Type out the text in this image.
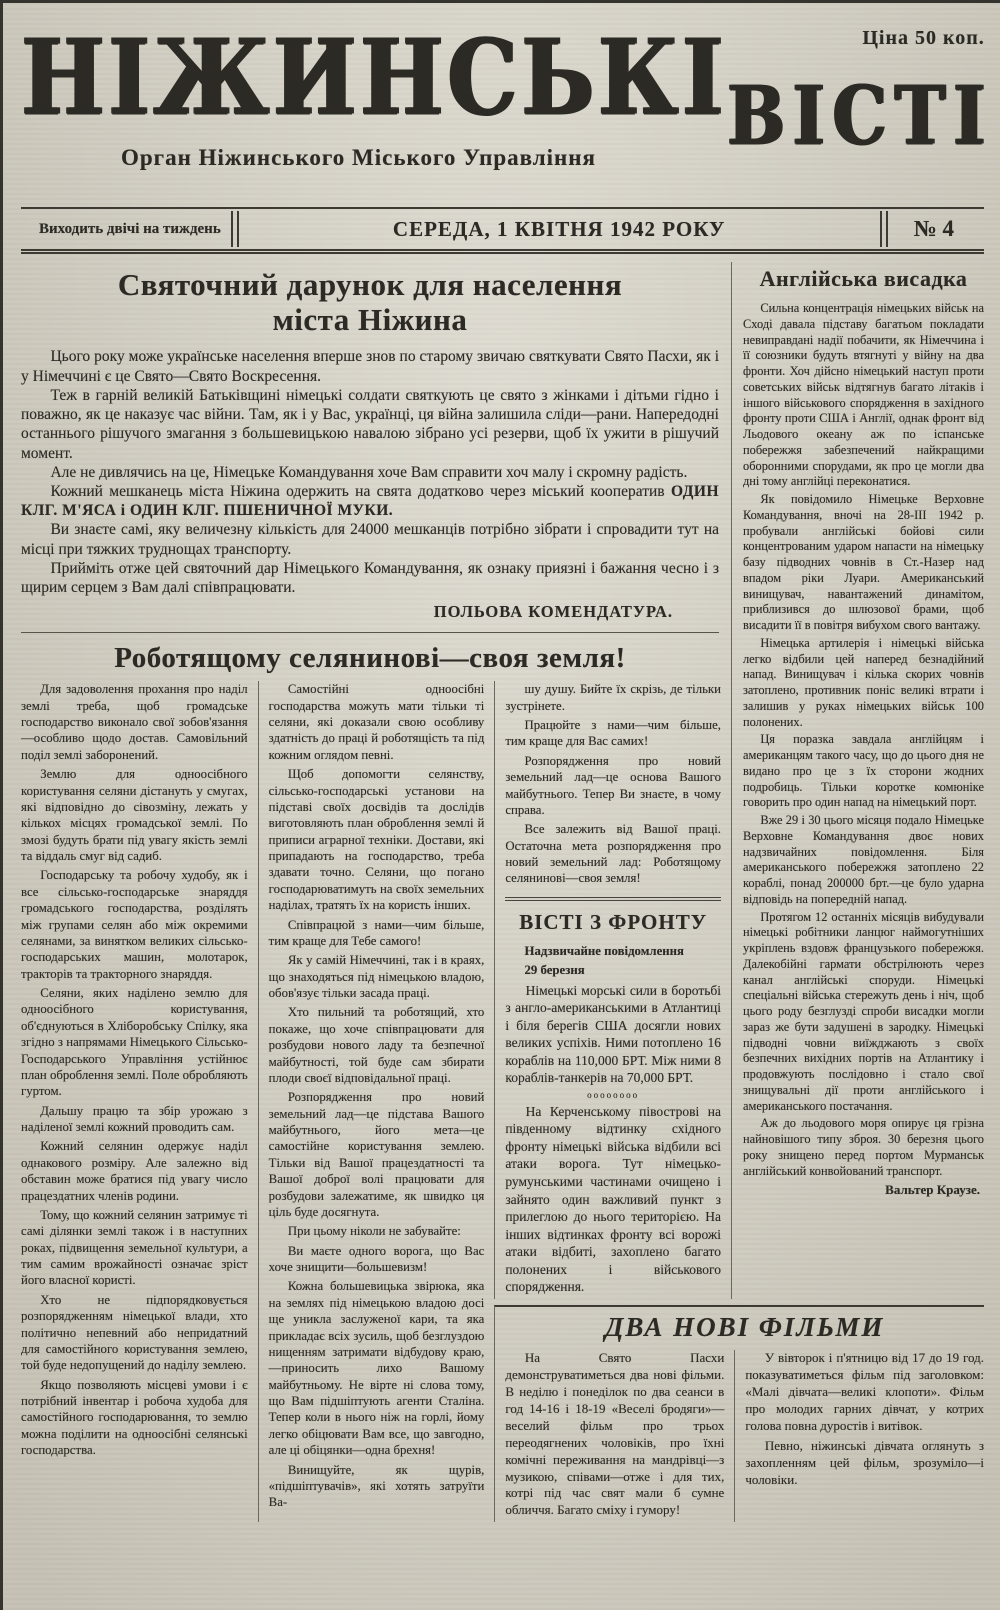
НІЖИНСЬКІ
Орган Ніжинського Міського Управління
Ціна 50 коп.
ВІСТІ
Виходить двічі на тиждень	СЕРЕДА, 1 КВІТНЯ 1942 РОКУ	№ 4
Святочний дарунок для населення
міста Ніжина

Цього року може українське населення вперше знов по старому звичаю святкувати Свято Пасхи, як і у Німеччині є це Свято—Свято Воскресення.

Теж в гарній великій Батьківщині німецькі солдати святкують це свято з жінками і дітьми гідно і поважно, як це наказує час війни. Там, як і у Вас, українці, ця війна залишила сліди—рани. Напередодні останнього рішучого змагання з большевицькою навалою зібрано усі резерви, щоб їх ужити в рішучий момент.

Але не дивлячись на це, Німецьке Командування хоче Вам справити хоч малу і скромну радість.

Кожний мешканець міста Ніжина одержить на свята додатково через міський кооператив ОДИН КЛГ. М'ЯСА і ОДИН КЛГ. ПШЕНИЧНОЇ МУКИ.

Ви знаєте самі, яку величезну кількість для 24000 мешканців потрібно зібрати і спровадити тут на місці при тяжких труднощах транспорту.

Прийміть отже цей святочний дар Німецького Командування, як ознаку приязні і бажання чесно і з щирим серцем з Вам далі співпрацювати.

ПОЛЬОВА КОМЕНДАТУРА.
Роботящому селянинові—своя земля!

Для задоволення прохання про наділ землі треба, щоб громадське господарство виконало свої зобов'язання—особливо щодо достав. Самовільний поділ землі заборонений.

Землю для одноосібного користування селяни дістануть у смугах, які відповідно до сівозміну, лежать у кількох місцях громадської землі. По змозі будуть брати під увагу якість землі та віддаль смуг від садиб.

Господарську та робочу худобу, як і все сільсько-господарське знаряддя громадського господарства, розділять між групами селян або між окремими селянами, за винятком великих сільсько-господарських машин, молотарок, тракторів та тракторного знаряддя.

Селяни, яких наділено землю для одноосібного користування, об'єднуються в Хліборобську Спілку, яка згідно з напрямами Німецького Сільсько-Господарського Управління устійнює план оброблення землі. Поле обробляють гуртом.

Дальшу працю та збір урожаю з наділеної землі кожний проводить сам.

Кожний селянин одержує наділ однакового розміру. Але залежно від обставин може братися під увагу число працездатних членів родини.

Тому, що кожний селянин затримує ті самі ділянки землі також і в наступних роках, підвищення земельної культури, а тим самим врожайності означає зріст його власної користі.

Хто не підпорядковується розпорядженням німецької влади, хто політично непевний або непридатний для самостійного користування землею, той буде недопущений до наділу землею.

Якщо позволяють місцеві умови і є потрібний інвентар і робоча худоба для самостійного господарювання, то землю можна поділити на одноосібні селянські господарства.

Самостійні одноосібні господарства можуть мати тільки ті селяни, які доказали свою особливу здатність до праці й роботящість та під кожним оглядом певні.

Щоб допомогти селянству, сільсько-господарські установи на підставі своїх досвідів та дослідів виготовляють план оброблення землі й приписи аграрної техніки. Достави, які припадають на господарство, треба здавати точно. Селяни, що погано господарюватимуть на своїх земельних наділах, тратять їх на користь інших.

Співпрацюй з нами—чим більше, тим краще для Тебе самого!

Як у самій Німеччині, так і в краях, що знаходяться під німецькою владою, обов'язує тільки засада праці.

Хто пильний та роботящий, хто покаже, що хоче співпрацювати для розбудови нового ладу та безпечної майбутності, той буде сам збирати плоди своєї відповідальної праці.

Розпорядження про новий земельний лад—це підстава Вашого майбутнього, його мета—це самостійне користування землею. Тільки від Вашої працездатності та Вашої доброї волі працювати для розбудови залежатиме, як швидко ця ціль буде досягнута.

При цьому ніколи не забувайте:

Ви маєте одного ворога, що Вас хоче знищити—большевизм!

Кожна большевицька звірюка, яка на землях під німецькою владою досі ще уникла заслуженої кари, та яка прикладає всіх зусиль, щоб безглуздою нищенням затримати відбудову краю,—приносить лихо Вашому майбутньому. Не вірте ні слова тому, що Вам підшіптують агенти Сталіна. Тепер коли в нього ніж на горлі, йому легко обіцювати Вам все, що завгодно, але ці обіцянки—одна брехня!

Винищуйте, як щурів, «підшіптувачів», які хотять затруїти Ва-

шу душу. Бийте їх скрізь, де тільки зустрінете.

Працюйте з нами—чим більше, тим краще для Вас самих!

Розпорядження про новий земельний лад—це основа Вашого майбутнього. Тепер Ви знаєте, в чому справа.

Все залежить від Вашої праці. Остаточна мета розпорядження про новий земельний лад: Роботящому селянинові—своя земля!

ВІСТІ З ФРОНТУ

Надзвичайне повідомлення

29 березня

Німецькі морські сили в боротьбі з англо-американськими в Атлантиці і біля берегів США досягли нових великих успіхів. Ними потоплено 16 кораблів на 110,000 БРТ. Між ними 8 кораблів-танкерів на 70,000 БРТ.

оооооооо

На Керченському півострові на південному відтинку східного фронту німецькі війська відбили всі атаки ворога. Тут німецько-румунськими частинами очищено і зайнято один важливий пункт з прилеглою до нього територією. На інших відтинках фронту всі ворожі атаки відбиті, захоплено багато полонених і військового спорядження.

Англійська висадка

Сильна концентрація німецьких військ на Сході давала підставу багатьом покладати невиправдані надії побачити, як Німеччина і її союзники будуть втягнуті у війну на два фронти. Хоч дійсно німецький наступ проти советських військ відтягнув багато літаків і іншого військового спорядження в західного фронту проти США і Англії, однак фронт від Льодового океану аж по іспанське побережжя забезпечений найкращими оборонними спорудами, як про це могли два дні тому англійці переконатися.

Як повідомило Німецьке Верховне Командування, вночі на 28-III 1942 р. пробували англійські бойові сили концентрованим ударом напасти на німецьку базу підводних човнів в Ст.-Назер над впадом ріки Луари. Американський винищувач, навантажений динамітом, приблизився до шлюзової брами, щоб висадити її в повітря вибухом свого вантажу.

Німецька артилерія і німецькі війська легко відбили цей наперед безнадійний напад. Винищувач і кілька скорих човнів затоплено, противник поніс великі втрати і залишив у руках німецьких військ 100 полонених.

Ця поразка завдала англійцям і американцям такого часу, що до цього дня не видано про це з їх сторони жодних подробиць. Тільки коротке комюніке говорить про один напад на німецький порт.

Вже 29 і 30 цього місяця подало Німецьке Верховне Командування двоє нових надзвичайних повідомлення. Біля американського побережжя затоплено 22 кораблі, понад 200000 брт.—це було ударна відповідь на попередній напад.

Протягом 12 останніх місяців вибудували німецькі робітники ланцюг наймогутніших укріплень вздовж французького побережжя. Далекобійні гармати обстрілюють через канал англійські споруди. Німецькі спеціальні війська стережуть день і ніч, щоб цього роду безглузді спроби висадки могли зараз же бути задушені в зародку. Німецькі підводні човни виїжджають з своїх безпечних вихідних портів на Атлантику і продовжують послідовно і стало свої знищувальні дії проти англійського і американського постачання.

Аж до льодового моря опирує ця грізна найновішого типу зброя. 30 березня цього року знищено перед портом Мурманськ англійський конвойований транспорт.

Вальтер Краузе.
ДВА НОВІ ФІЛЬМИ

На Свято Пасхи демонструватиметься два нові фільми. В неділю і понеділок по два сеанси в год 14-16 і 18-19 «Веселі бродяги»—веселий фільм про трьох переодягнених чоловіків, про їхні комічні переживання на мандрівці—з музикою, співами—отже і для тих, котрі під час свят мали б сумне обличчя. Багато сміху і гумору!

У вівторок і п'ятницю від 17 до 19 год. показуватиметься фільм під заголовком: «Малі дівчата—великі клопоти». Фільм про молодих гарних дівчат, у котрих голова повна дуростів і витівок.

Певно, ніжинські дівчата оглянуть з захопленням цей фільм, зрозуміло—і чоловіки.
